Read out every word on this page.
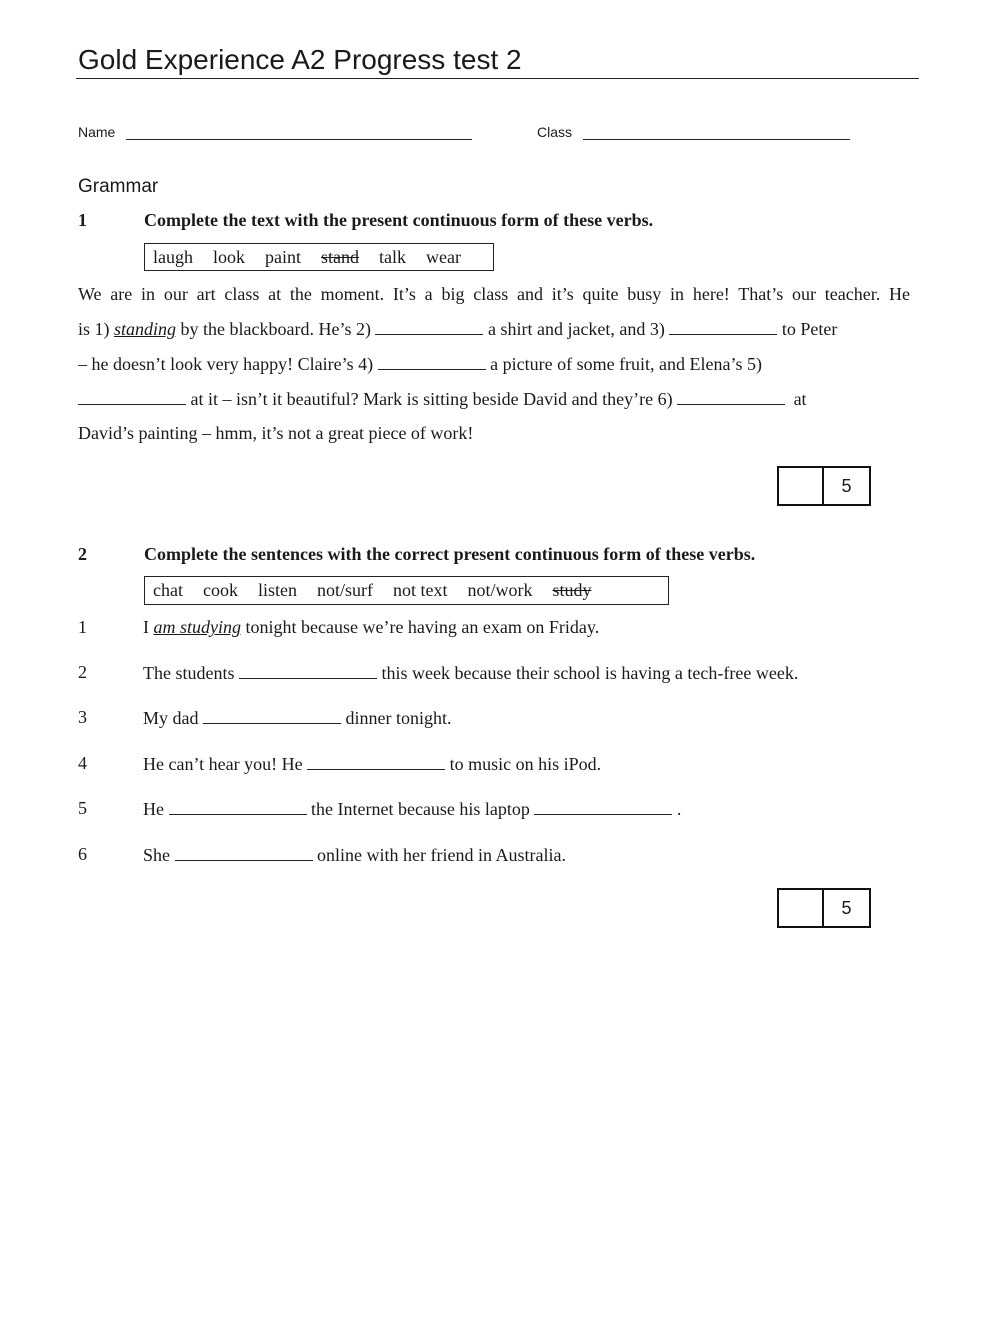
Gold Experience A2 Progress test 2
Name	Class
Grammar
1	Complete the text with the present continuous form of these verbs.
laugh look paint stand talk wear
We are in our art class at the moment. It’s a big class and it’s quite busy in here! That’s our teacher. He
is 1) standing by the blackboard. He’s 2)	a shirt and jacket, and 3)	to Peter
– he doesn’t look very happy! Claire’s 4)	a picture of some fruit, and Elena’s 5)
at it – isn’t it beautiful? Mark is sitting beside David and they’re 6)	at
David’s painting – hmm, it’s not a great piece of work!
5
2	Complete the sentences with the correct present continuous form of these verbs.
chat cook listen not/surf not text not/work study
1	I am studying tonight because we’re having an exam on Friday.
2	The students	this week because their school is having a tech-free week.
3	My dad	dinner tonight.
4	He can’t hear you! He	to music on his iPod.
5	He	the Internet because his laptop	.
6	She	online with her friend in Australia.
5
